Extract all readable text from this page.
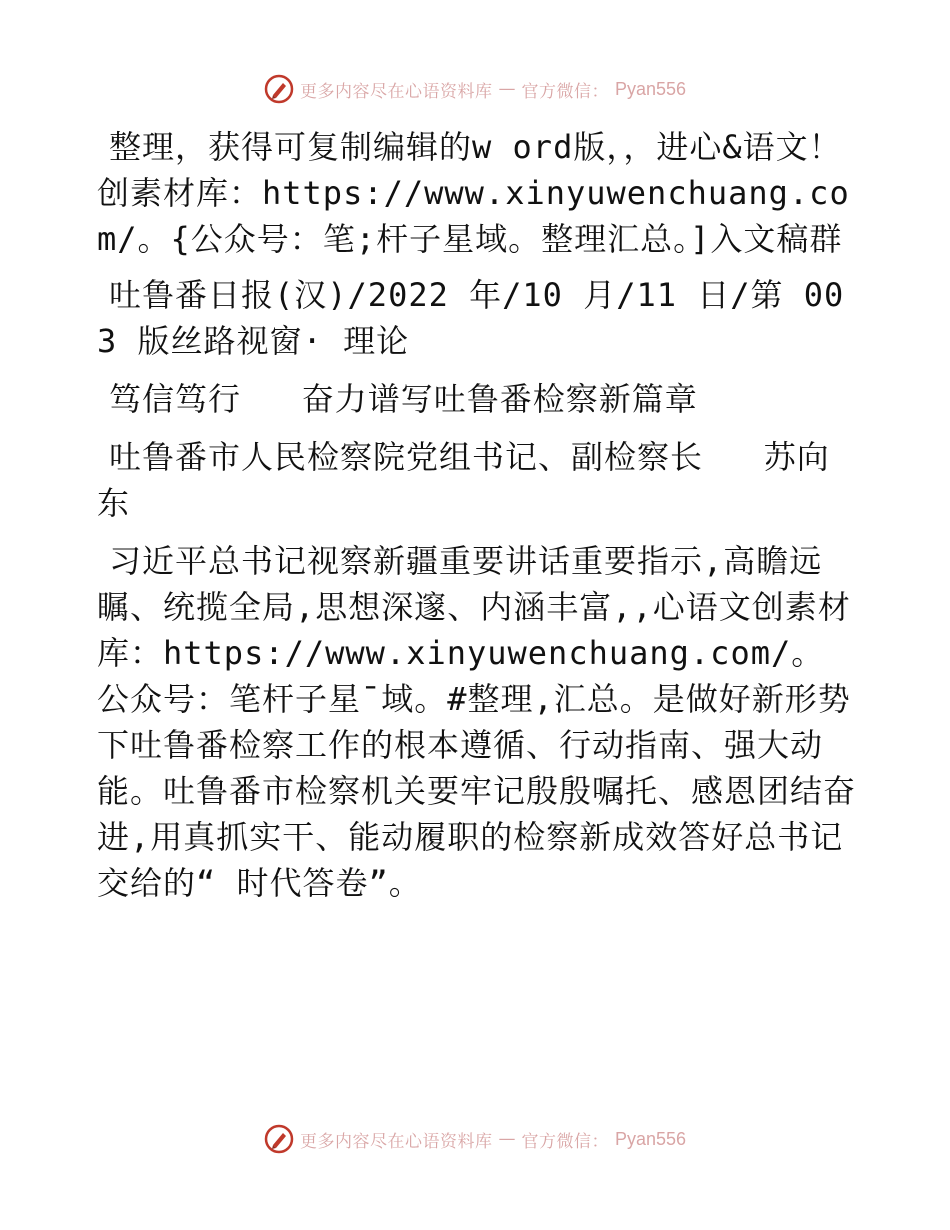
更多内容尽在心语资料库 — 官方微信： Pyan556

整理，获得可复制编辑的w ord版，，进心&语文！创素材库：https://www.xinyuwenchuang.com/。{公众号：笔;杆子星域。整理汇总。]入文稿群

吐鲁番日报(汉)/2022 年/10 月/11 日/第 003 版丝路视窗· 理论

笃信笃行   奋力谱写吐鲁番检察新篇章

吐鲁番市人民检察院党组书记、副检察长   苏向东

习近平总书记视察新疆重要讲话重要指示,高瞻远瞩、统揽全局,思想深邃、内涵丰富,,心语文创素材库：https://www.xinyuwenchuang.com/。公众号：笔杆子星¯域。#整理,汇总。是做好新形势下吐鲁番检察工作的根本遵循、行动指南、强大动能。吐鲁番市检察机关要牢记殷殷嘱托、感恩团结奋进,用真抓实干、能动履职的检察新成效答好总书记交给的“ 时代答卷”。

更多内容尽在心语资料库 — 官方微信： Pyan556
